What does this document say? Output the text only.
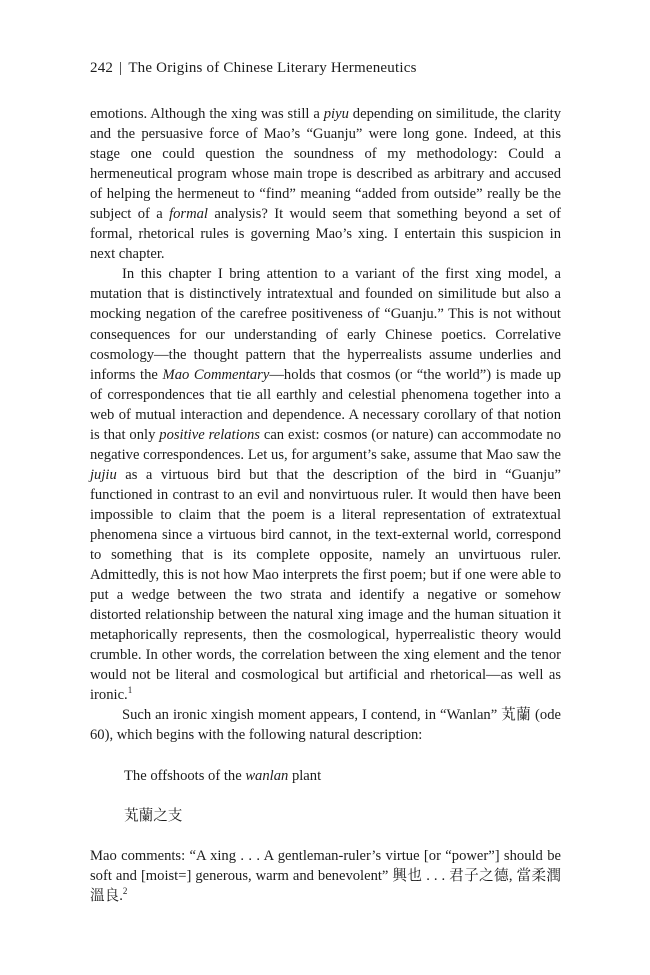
242 | The Origins of Chinese Literary Hermeneutics

emotions. Although the xing was still a piyu depending on similitude, the clarity and the persuasive force of Mao’s “Guanju” were long gone. Indeed, at this stage one could question the soundness of my methodology: Could a hermeneutical program whose main trope is described as arbitrary and accused of helping the hermeneut to “find” meaning “added from outside” really be the subject of a formal analysis? It would seem that something beyond a set of formal, rhetorical rules is governing Mao’s xing. I entertain this suspicion in next chapter.

In this chapter I bring attention to a variant of the first xing model, a mutation that is distinctively intratextual and founded on similitude but also a mocking negation of the carefree positiveness of “Guanju.” This is not without consequences for our understanding of early Chinese poetics. Correlative cosmology—the thought pattern that the hyperrealists assume underlies and informs the Mao Commentary—holds that cosmos (or “the world”) is made up of correspondences that tie all earthly and celestial phenomena together into a web of mutual interaction and dependence. A necessary corollary of that notion is that only positive relations can exist: cosmos (or nature) can accommodate no negative correspondences. Let us, for argument’s sake, assume that Mao saw the jujiu as a virtuous bird but that the description of the bird in “Guanju” functioned in contrast to an evil and nonvirtuous ruler. It would then have been impossible to claim that the poem is a literal representation of extratextual phenomena since a virtuous bird cannot, in the text-external world, correspond to something that is its complete opposite, namely an unvirtuous ruler. Admittedly, this is not how Mao interprets the first poem; but if one were able to put a wedge between the two strata and identify a negative or somehow distorted relationship between the natural xing image and the human situation it metaphorically represents, then the cosmological, hyperrealistic theory would crumble. In other words, the correlation between the xing element and the tenor would not be literal and cosmological but artificial and rhetorical—as well as ironic.$^1$

Such an ironic xingish moment appears, I contend, in “Wanlan” 芄蘭 (ode 60), which begins with the following natural description:

The offshoots of the wanlan plant
芄蘭之支

Mao comments: “A xing . . . A gentleman-ruler’s virtue [or “power”] should be soft and [moist=] generous, warm and benevolent” 興也 . . . 君子之德, 當柔潤溫良.$^2$
